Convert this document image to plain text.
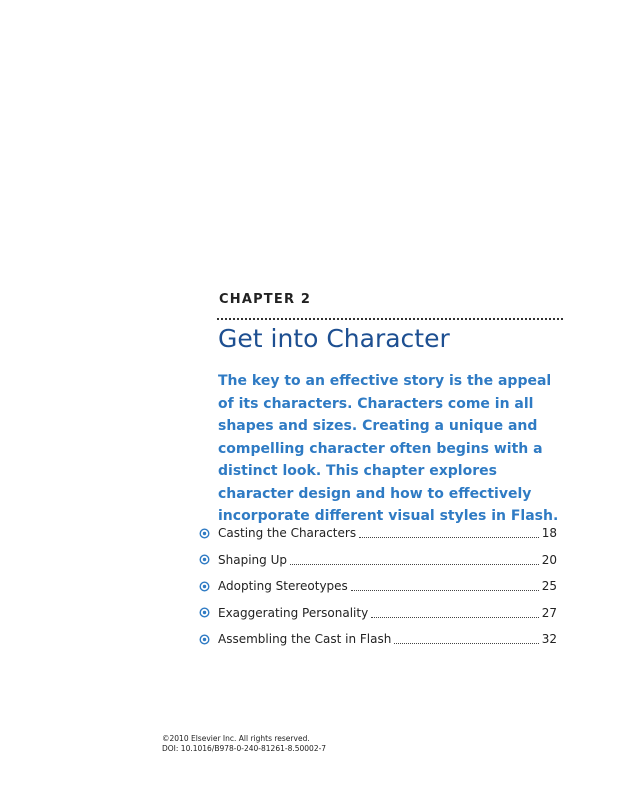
CHAPTER 2
Get into Character

The key to an effective story is the appeal of its characters. Characters come in all shapes and sizes. Creating a unique and compelling character often begins with a distinct look. This chapter explores character design and how to effectively incorporate different visual styles in Flash.

Casting the Characters	18
Shaping Up	20
Adopting Stereotypes	25
Exaggerating Personality	27
Assembling the Cast in Flash	32
©2010 Elsevier Inc. All rights reserved.
DOI: 10.1016/B978-0-240-81261-8.50002-7
